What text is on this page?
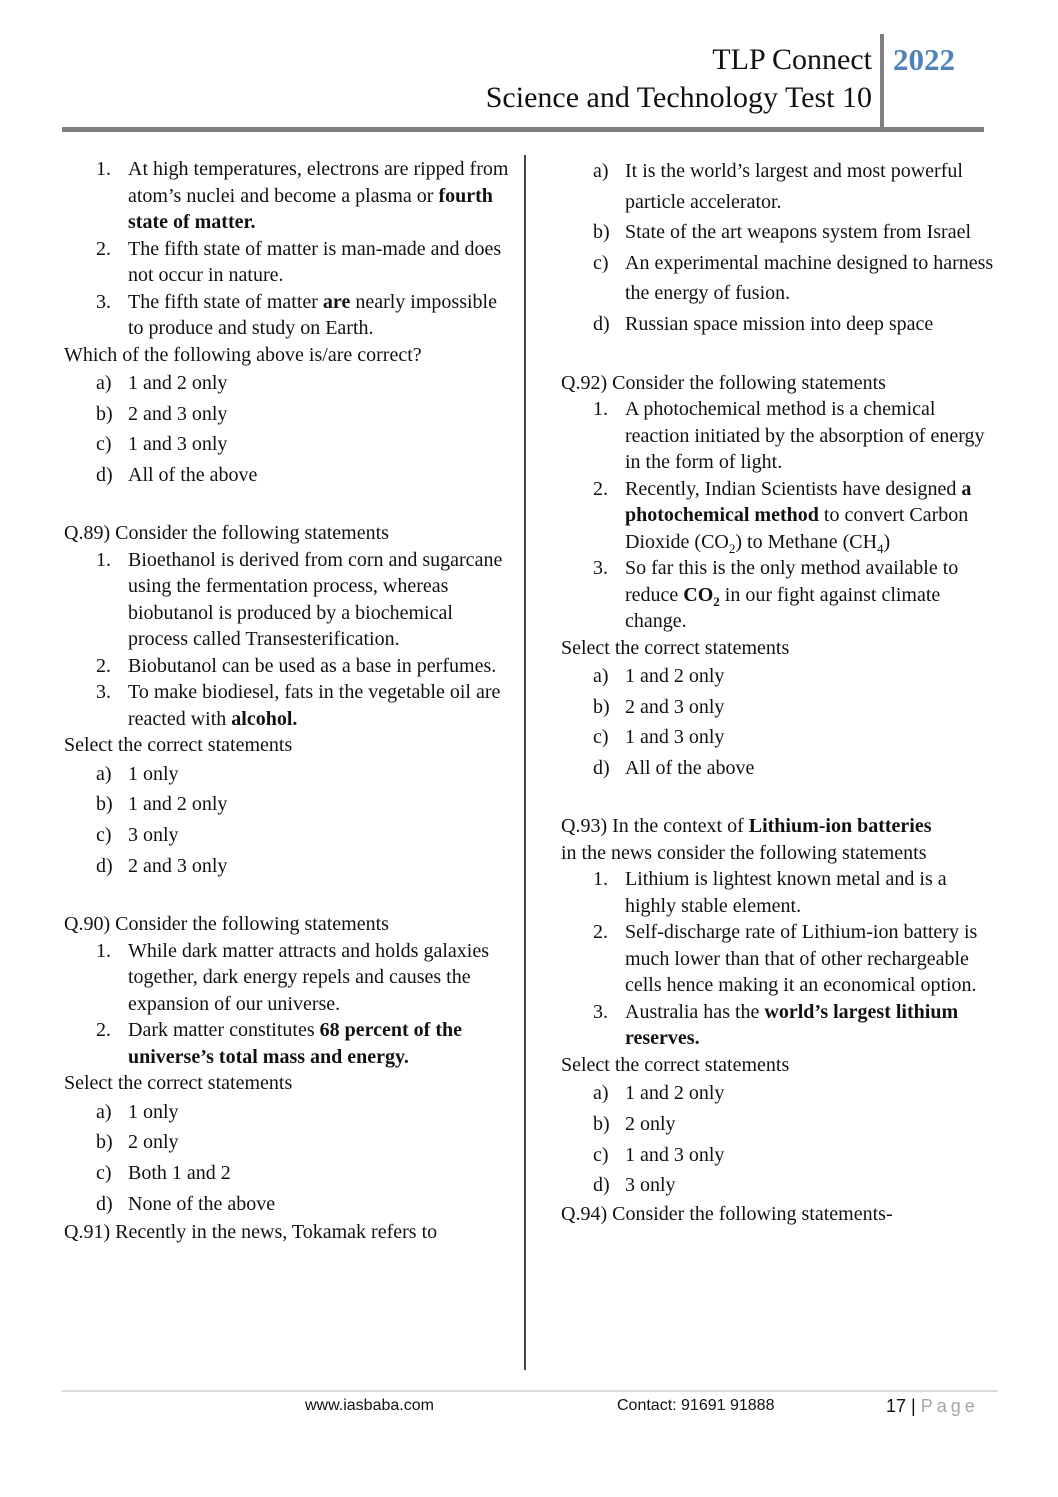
TLP Connect
Science and Technology Test 10
2022
1. At high temperatures, electrons are ripped from atom’s nuclei and become a plasma or fourth state of matter.
2. The fifth state of matter is man-made and does not occur in nature.
3. The fifth state of matter are nearly impossible to produce and study on Earth.
Which of the following above is/are correct?
a) 1 and 2 only
b) 2 and 3 only
c) 1 and 3 only
d) All of the above
Q.89) Consider the following statements
1. Bioethanol is derived from corn and sugarcane using the fermentation process, whereas biobutanol is produced by a biochemical process called Transesterification.
2. Biobutanol can be used as a base in perfumes.
3. To make biodiesel, fats in the vegetable oil are reacted with alcohol.
Select the correct statements
a) 1 only
b) 1 and 2 only
c) 3 only
d) 2 and 3 only
Q.90) Consider the following statements
1. While dark matter attracts and holds galaxies together, dark energy repels and causes the expansion of our universe.
2. Dark matter constitutes 68 percent of the universe’s total mass and energy.
Select the correct statements
a) 1 only
b) 2 only
c) Both 1 and 2
d) None of the above
Q.91) Recently in the news, Tokamak refers to
a) It is the world’s largest and most powerful particle accelerator.
b) State of the art weapons system from Israel
c) An experimental machine designed to harness the energy of fusion.
d) Russian space mission into deep space
Q.92) Consider the following statements
1. A photochemical method is a chemical reaction initiated by the absorption of energy in the form of light.
2. Recently, Indian Scientists have designed a photochemical method to convert Carbon Dioxide $(CO_2)$ to Methane $(CH_4)$
3. So far this is the only method available to reduce $CO_2$ in our fight against climate change.
Select the correct statements
a) 1 and 2 only
b) 2 and 3 only
c) 1 and 3 only
d) All of the above
Q.93) In the context of Lithium-ion batteries
in the news consider the following statements
1. Lithium is lightest known metal and is a highly stable element.
2. Self-discharge rate of Lithium-ion battery is much lower than that of other rechargeable cells hence making it an economical option.
3. Australia has the world’s largest lithium reserves.
Select the correct statements
a) 1 and 2 only
b) 2 only
c) 1 and 3 only
d) 3 only
Q.94) Consider the following statements-
www.iasbaba.com	Contact: 91691 91888	17 | Page
